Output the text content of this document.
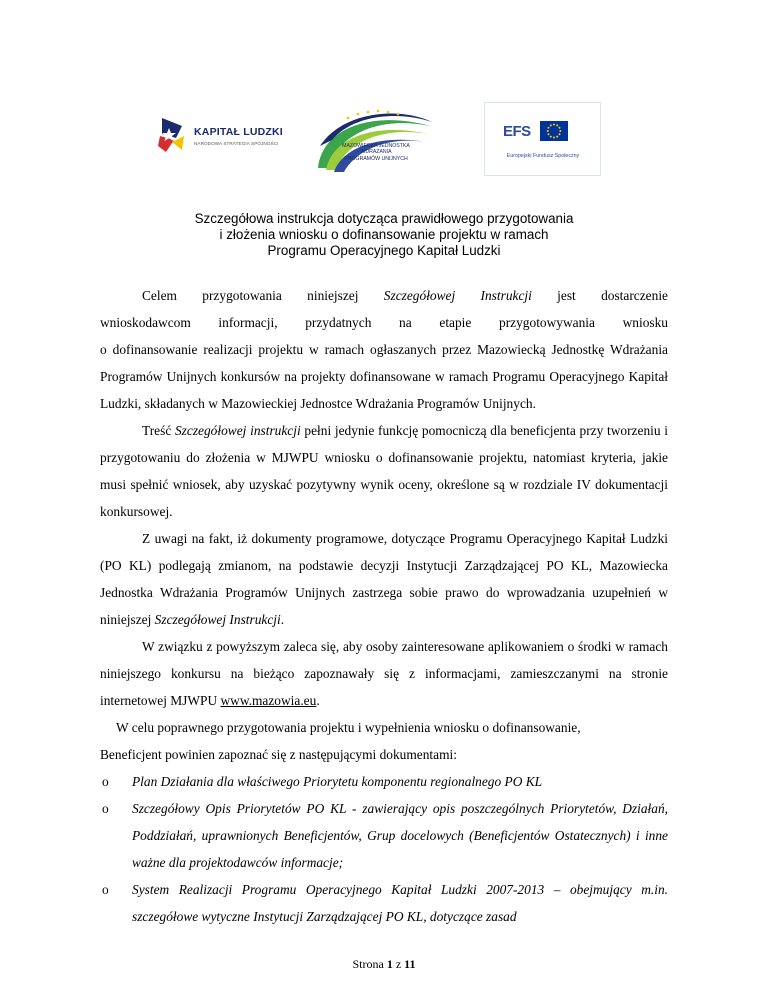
KAPITAŁ LUDZKI
NARODOWA STRATEGIA SPÓJNOŚCI	MAZOWIECKA JEDNOSTKA
WDRAŻANIA
PROGRAMÓW UNIJNYCH
EFS
Europejski Fundusz Społeczny
Szczegółowa instrukcja dotycząca prawidłowego przygotowania
i złożenia wniosku o dofinansowanie projektu w ramach
Programu Operacyjnego Kapitał Ludzki

Celem przygotowania niniejszej Szczegółowej Instrukcji jest dostarczenie
wnioskodawcom informacji, przydatnych na etapie przygotowywania wniosku
o dofinansowanie realizacji projektu w ramach ogłaszanych przez Mazowiecką Jednostkę Wdrażania Programów Unijnych konkursów na projekty dofinansowane w ramach Programu Operacyjnego Kapitał Ludzki, składanych w Mazowieckiej Jednostce Wdrażania Programów Unijnych.

Treść Szczegółowej instrukcji pełni jedynie funkcję pomocniczą dla beneficjenta przy tworzeniu i przygotowaniu do złożenia w MJWPU wniosku o dofinansowanie projektu, natomiast kryteria, jakie musi spełnić wniosek, aby uzyskać pozytywny wynik oceny, określone są w rozdziale IV dokumentacji konkursowej.

Z uwagi na fakt, iż dokumenty programowe, dotyczące Programu Operacyjnego Kapitał Ludzki (PO KL) podlegają zmianom, na podstawie decyzji Instytucji Zarządzającej PO KL, Mazowiecka Jednostka Wdrażania Programów Unijnych zastrzega sobie prawo do wprowadzania uzupełnień w niniejszej Szczegółowej Instrukcji.

W związku z powyższym zaleca się, aby osoby zainteresowane aplikowaniem o środki w ramach niniejszego konkursu na bieżąco zapoznawały się z informacjami, zamieszczanymi na stronie internetowej MJWPU www.mazowia.eu.

W celu poprawnego przygotowania projektu i wypełnienia wniosku o dofinansowanie,
Beneficjent powinien zapoznać się z następującymi dokumentami:

o Plan Działania dla właściwego Priorytetu komponentu regionalnego PO KL
o Szczegółowy Opis Priorytetów PO KL - zawierający opis poszczególnych Priorytetów, Działań, Poddziałań, uprawnionych Beneficjentów, Grup docelowych (Beneficjentów Ostatecznych) i inne ważne dla projektodawców informacje;
o System Realizacji Programu Operacyjnego Kapitał Ludzki 2007-2013 – obejmujący m.in. szczegółowe wytyczne Instytucji Zarządzającej PO KL, dotyczące zasad
Strona 1 z 11
